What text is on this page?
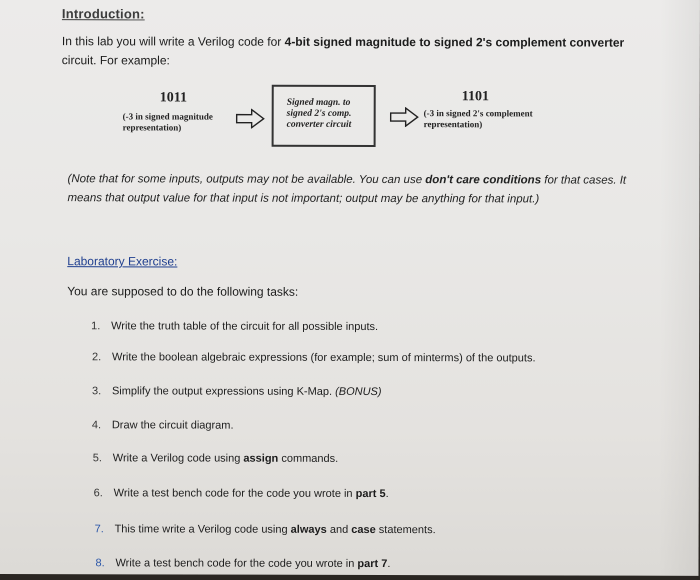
Introduction:
In this lab you will write a Verilog code for 4-bit signed magnitude to signed 2's complement converter circuit. For example:
1011
(-3 in signed magnitude
representation)
Signed magn. to
signed 2's comp.
converter circuit
1101
(-3 in signed 2's complement
representation)
(Note that for some inputs, outputs may not be available. You can use don't care conditions for that cases. It means that output value for that input is not important; output may be anything for that input.)
Laboratory Exercise:
You are supposed to do the following tasks:
1. Write the truth table of the circuit for all possible inputs.
2. Write the boolean algebraic expressions (for example; sum of minterms) of the outputs.
3. Simplify the output expressions using K-Map. (BONUS)
4. Draw the circuit diagram.
5. Write a Verilog code using assign commands.
6. Write a test bench code for the code you wrote in part 5.
7. This time write a Verilog code using always and case statements.
8. Write a test bench code for the code you wrote in part 7.
